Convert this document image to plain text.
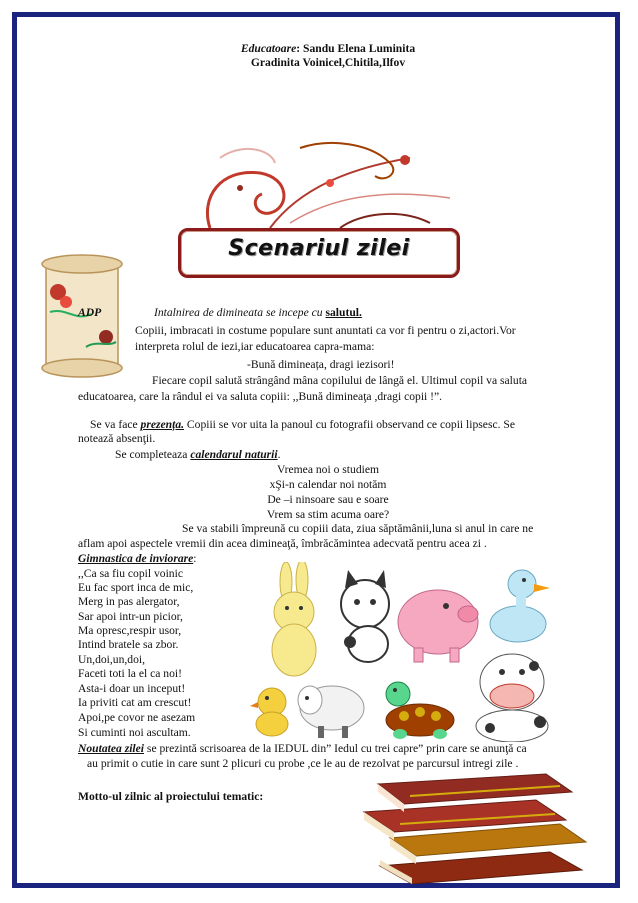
Educatoare: Sandu Elena Luminita
Gradinita Voinicel,Chitila,Ilfov
Scenariul zilei
ADP	Intalnirea de dimineata se incepe cu salutul.
Copiii, imbracati in costume populare sunt anuntati ca vor fi pentru o zi,actori.Vor
interpreta rolul de iezi,iar educatoarea capra-mama:
-Bună dimineața, dragi iezisori!
Fiecare copil salută strângând mâna copilului de lângă el. Ultimul copil va saluta
educatoarea, care la rândul ei va saluta copiii: ,,Bună dimineaţa ,dragi copii !”.
Se va face prezența. Copiii se vor uita la panoul cu fotografii observand ce copii lipsesc. Se
notează absenţii.
Se completeaza calendarul naturii.
Vremea noi o studiem
xŞi-n calendar noi notăm
De –i ninsoare sau e soare
Vrem sa stim acuma oare?
Se va stabili împreună cu copiii data, ziua săptămânii,luna si anul in care ne
aflam apoi aspectele vremii din acea dimineaţă, îmbrăcămintea adecvată pentru acea zi .
Gimnastica de inviorare:
,,Ca sa fiu copil voinic
Eu fac sport inca de mic,
Merg in pas alergator,
Sar apoi intr-un picior,
Ma opresc,respir usor,
Intind bratele sa zbor.
Un,doi,un,doi,
Faceti toti la el ca noi!
Asta-i doar un inceput!
Ia priviti cat am crescut!
Apoi,pe covor ne asezam
Si cuminti noi ascultam.
Noutatea zilei se prezintă scrisoarea de la IEDUL din” Iedul cu trei capre” prin care se anunţă ca
au primit o cutie in care sunt 2 plicuri cu probe ,ce le au de rezolvat pe parcursul intregi zile .
Motto-ul zilnic al proiectului tematic:
